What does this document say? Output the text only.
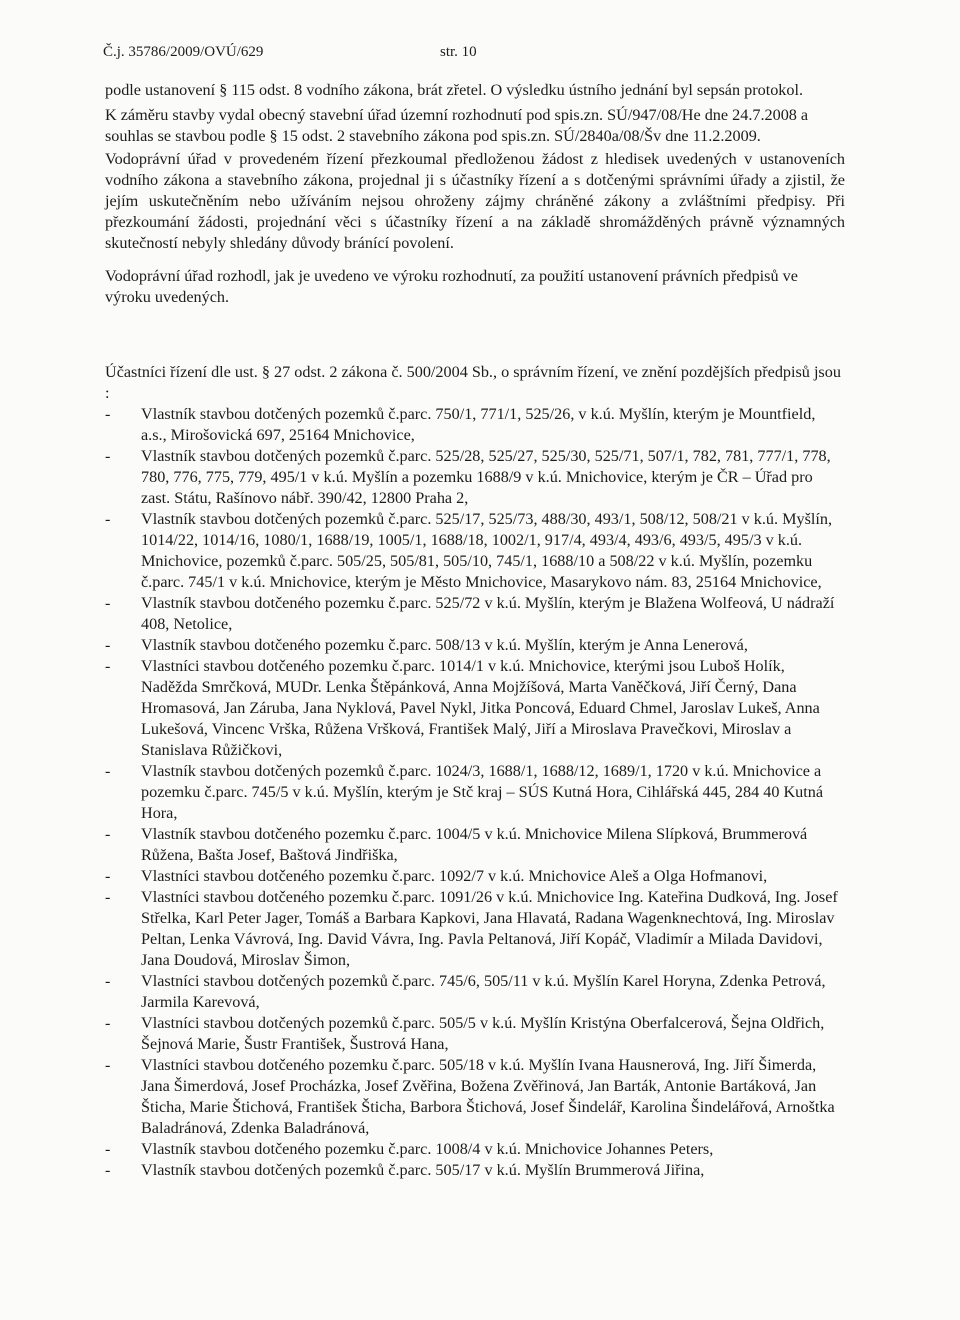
Č.j. 35786/2009/OVÚ/629	str. 10

podle ustanovení § 115 odst. 8 vodního zákona, brát zřetel. O výsledku ústního jednání byl sepsán protokol.

K záměru stavby vydal obecný stavební úřad územní rozhodnutí pod spis.zn. SÚ/947/08/He dne 24.7.2008 a souhlas se stavbou podle § 15 odst. 2 stavebního zákona pod spis.zn. SÚ/2840a/08/Šv dne 11.2.2009.

Vodoprávní úřad v provedeném řízení přezkoumal předloženou žádost z hledisek uvedených v ustanoveních vodního zákona a stavebního zákona, projednal ji s účastníky řízení a s dotčenými správními úřady a zjistil, že jejím uskutečněním nebo užíváním nejsou ohroženy zájmy chráněné zákony a zvláštními předpisy. Při přezkoumání žádosti, projednání věci s účastníky řízení a na základě shromážděných právně významných skutečností nebyly shledány důvody bránící povolení.

Vodoprávní úřad rozhodl, jak je uvedeno ve výroku rozhodnutí, za použití ustanovení právních předpisů ve výroku uvedených.

Účastníci řízení dle ust. § 27 odst. 2 zákona č. 500/2004 Sb., o správním řízení, ve znění pozdějších předpisů jsou :

- Vlastník stavbou dotčených pozemků č.parc. 750/1, 771/1, 525/26, v k.ú. Myšlín, kterým je Mountfield, a.s., Mirošovická 697, 25164 Mnichovice,
- Vlastník stavbou dotčených pozemků č.parc. 525/28, 525/27, 525/30, 525/71, 507/1, 782, 781, 777/1, 778, 780, 776, 775, 779, 495/1 v k.ú. Myšlín a pozemku 1688/9 v k.ú. Mnichovice, kterým je ČR – Úřad pro zast. Státu, Rašínovo nábř. 390/42, 12800 Praha 2,
- Vlastník stavbou dotčených pozemků č.parc. 525/17, 525/73, 488/30, 493/1, 508/12, 508/21 v k.ú. Myšlín, 1014/22, 1014/16, 1080/1, 1688/19, 1005/1, 1688/18, 1002/1, 917/4, 493/4, 493/6, 493/5, 495/3 v k.ú. Mnichovice, pozemků č.parc. 505/25, 505/81, 505/10, 745/1, 1688/10 a 508/22 v k.ú. Myšlín, pozemku č.parc. 745/1 v k.ú. Mnichovice, kterým je Město Mnichovice, Masarykovo nám. 83, 25164 Mnichovice,
- Vlastník stavbou dotčeného pozemku č.parc. 525/72 v k.ú. Myšlín, kterým je Blažena Wolfeová, U nádraží 408, Netolice,
- Vlastník stavbou dotčeného pozemku č.parc. 508/13 v k.ú. Myšlín, kterým je Anna Lenerová,
- Vlastníci stavbou dotčeného pozemku č.parc. 1014/1 v k.ú. Mnichovice, kterými jsou Luboš Holík, Naděžda Smrčková, MUDr. Lenka Štěpánková, Anna Mojžíšová, Marta Vaněčková, Jiří Černý, Dana Hromasová, Jan Záruba, Jana Nyklová, Pavel Nykl, Jitka Poncová, Eduard Chmel, Jaroslav Lukeš, Anna Lukešová, Vincenc Vrška, Růžena Vršková, František Malý, Jiří a Miroslava Pravečkovi, Miroslav a Stanislava Růžičkovi,
- Vlastník stavbou dotčených pozemků č.parc. 1024/3, 1688/1, 1688/12, 1689/1, 1720 v k.ú. Mnichovice a pozemku č.parc. 745/5 v k.ú. Myšlín, kterým je Stč kraj – SÚS Kutná Hora, Cihlářská 445, 284 40 Kutná Hora,
- Vlastník stavbou dotčeného pozemku č.parc. 1004/5 v k.ú. Mnichovice Milena Slípková, Brummerová Růžena, Bašta Josef, Baštová Jindřiška,
- Vlastníci stavbou dotčeného pozemku č.parc. 1092/7 v k.ú. Mnichovice Aleš a Olga Hofmanovi,
- Vlastníci stavbou dotčeného pozemku č.parc. 1091/26 v k.ú. Mnichovice Ing. Kateřina Dudková, Ing. Josef Střelka, Karl Peter Jager, Tomáš a Barbara Kapkovi, Jana Hlavatá, Radana Wagenknechtová, Ing. Miroslav Peltan, Lenka Vávrová, Ing. David Vávra, Ing. Pavla Peltanová, Jiří Kopáč, Vladimír a Milada Davidovi, Jana Doudová, Miroslav Šimon,
- Vlastníci stavbou dotčených pozemků č.parc. 745/6, 505/11 v k.ú. Myšlín Karel Horyna, Zdenka Petrová, Jarmila Karevová,
- Vlastníci stavbou dotčených pozemků č.parc. 505/5 v k.ú. Myšlín Kristýna Oberfalcerová, Šejna Oldřich, Šejnová Marie, Šustr František, Šustrová Hana,
- Vlastníci stavbou dotčeného pozemku č.parc. 505/18 v k.ú. Myšlín Ivana Hausnerová, Ing. Jiří Šimerda, Jana Šimerdová, Josef Procházka, Josef Zvěřina, Božena Zvěřinová, Jan Barták, Antonie Bartáková, Jan Šticha, Marie Štichová, František Šticha, Barbora Štichová, Josef Šindelář, Karolina Šindelářová, Arnoštka Baladránová, Zdenka Baladránová,
- Vlastník stavbou dotčeného pozemku č.parc. 1008/4 v k.ú. Mnichovice Johannes Peters,
- Vlastník stavbou dotčených pozemků č.parc. 505/17 v k.ú. Myšlín Brummerová Jiřina,
